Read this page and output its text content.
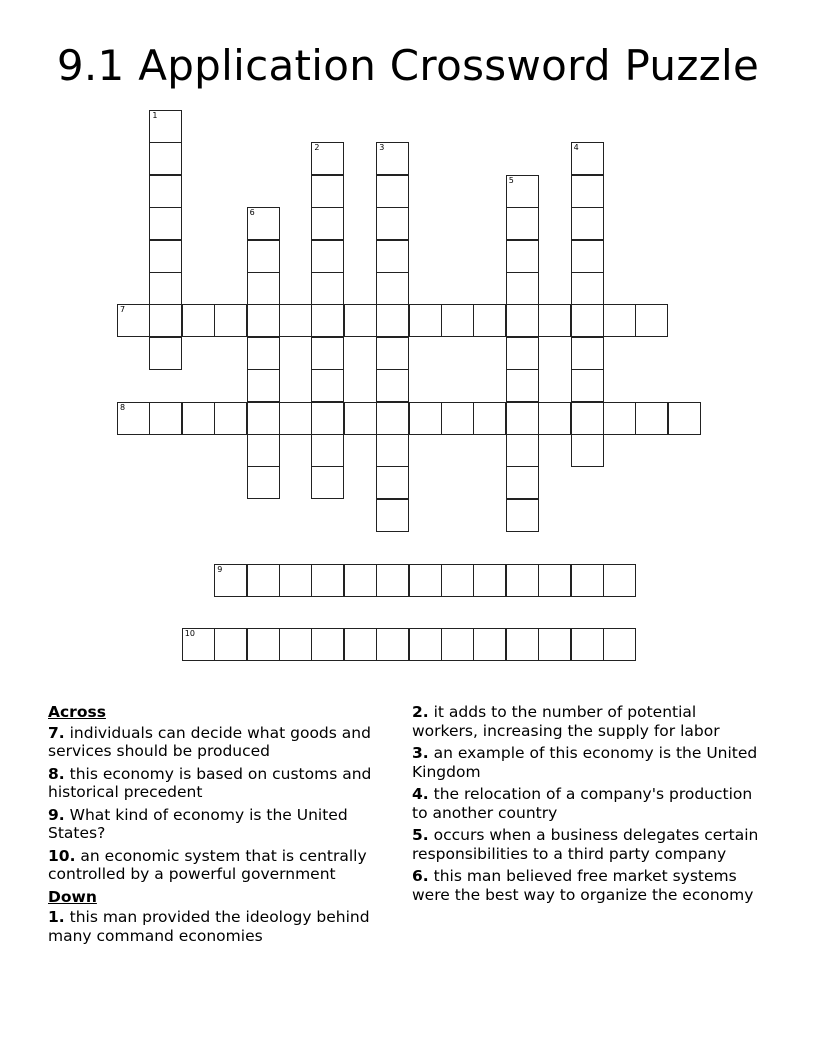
9.1 Application Crossword Puzzle
1
2	3	4
5
6
7
8
9
10
Across
7. individuals can decide what goods and services should be produced
8. this economy is based on customs and historical precedent
9. What kind of economy is the United States?
10. an economic system that is centrally controlled by a powerful government
Down
1. this man provided the ideology behind many command economies
2. it adds to the number of potential workers, increasing the supply for labor
3. an example of this economy is the United Kingdom
4. the relocation of a company's production to another country
5. occurs when a business delegates certain responsibilities to a third party company
6. this man believed free market systems were the best way to organize the economy
